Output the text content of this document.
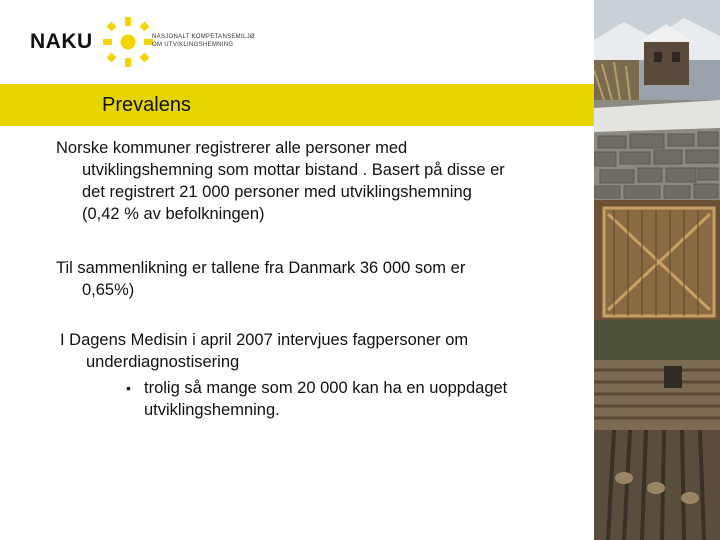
NAKU	NASJONALT KOMPETANSEMILJØ
OM UTVIKLINGSHEMNING
Prevalens
Norske kommuner registrerer alle personer med
utviklingshemning som mottar bistand . Basert på disse er
det registrert 21 000 personer med utviklingshemning
(0,42 % av befolkningen)
Til sammenlikning er tallene fra Danmark 36 000 som er
0,65%)
I Dagens Medisin i april 2007 intervjues fagpersoner om
underdiagnostisering
• trolig så mange som 20 000 kan ha en uoppdaget
utviklingshemning.
